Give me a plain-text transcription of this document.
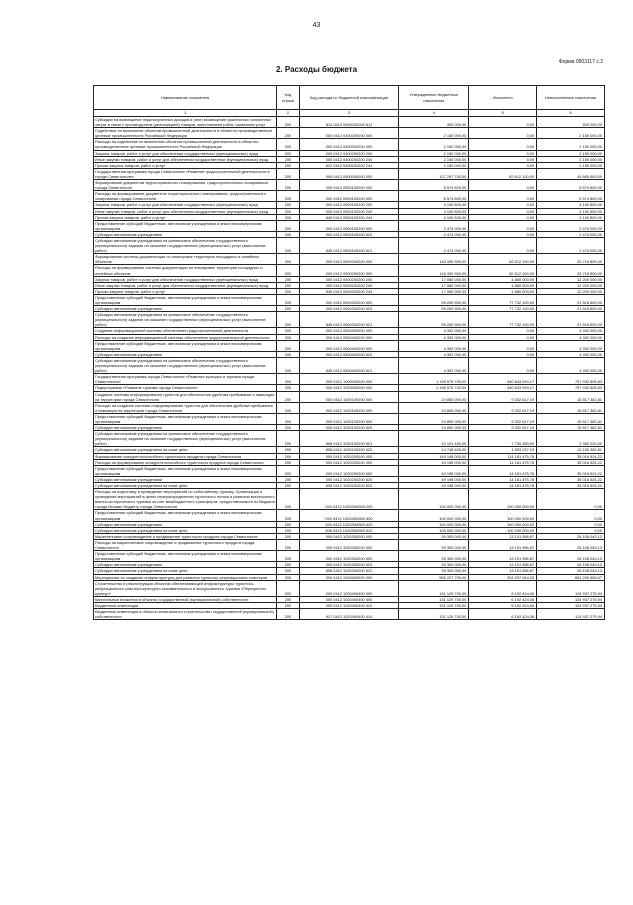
43
Форма 0503117 с.2
2. Расходы бюджета
Наименование показателя	Код строки	Код расхода по бюджетной классификации	Утвержденные бюджетные назначения	Исполнено	Неисполненные назначения
1	2	3	4	5	6
Субсидии на возмещение недополученных доходов и (или) возмещение фактически понесенных затрат в связи с производством (реализацией) товаров, выполнением работ, оказанием услуг	200	812 0412 0400100200 811	400 000,00	0,00	400 000,00
Содействие по включению объектов промышленной деятельности в областно-производственные целевые промышленности Российской Федерации	200	000 0412 0400200000 000	2 150 000,00	0,00	2 150 000,00
Расходы на содействие по включению объектов промышленной деятельности в областно-производственные целевые промышленности Российской Федерации	200	000 0412 0400200200 000	2 150 000,00	0,00	2 150 000,00
Закупка товаров, работ и услуг для обеспечения государственных (муниципальных) нужд	200	000 0412 0400200200 200	2 150 000,00	0,00	2 150 000,00
Иные закупки товаров, работ и услуг для обеспечения государственных (муниципальных) нужд	200	000 0412 0400200200 240	2 150 000,00	0,00	2 150 000,00
Прочая закупка товаров, работ и услуг	200	812 0412 0400200200 244	2 150 000,00	0,00	2 150 000,00
Государственная программа города Севастополя «Развитие градостроительной деятельности в городе Севастополе»	200	000 0412 0500000000 000	127 297 700,00	82 612 100,00	44 685 600,00
Формирование документов территориального планирования, градостроительного зонирования города Севастополя	200	000 0412 0500100000 000	6 574 800,00	0,00	6 574 800,00
Расходы на формирование документов территориального планирования, градостроительного зонирования города Севастополя	200	000 0412 0500100200 000	6 574 800,00	0,00	6 574 800,00
Закупка товаров, работ и услуг для обеспечения государственных (муниципальных) нужд	200	000 0412 0500100200 200	4 100 800,00	0,00	4 100 800,00
Иные закупки товаров, работ и услуг для обеспечения государственных (муниципальных) нужд	200	000 0412 0500100200 240	4 100 800,00	0,00	4 100 800,00
Прочая закупка товаров, работ и услуг	200	845 0412 0500100200 244	4 100 800,00	0,00	4 100 800,00
Предоставление субсидий бюджетным, автономным учреждениям и иным некоммерческим организациям	200	000 0412 0500100200 600	2 474 000,00	0,00	2 474 000,00
Субсидии автономным учреждениям	200	000 0412 0500100200 620	2 474 000,00	0,00	2 474 000,00
Субсидии автономным учреждениям на финансовое обеспечение государственного (муниципального) задания на оказание государственных (муниципальных) услуг (выполнение работ)	200	845 0412 0500100200 621	2 474 000,00	0,00	2 474 000,00
Формирование системы документации по планировке территории площадных и линейных объектов	200	000 0412 0500200000 000	116 330 900,00	82 612 100,00	33 718 800,00
Расходы на формирование системы документации по планировке территории площадных и линейных объектов	200	000 0412 0500200200 000	116 330 900,00	82 612 100,00	33 718 800,00
Закупка товаров, работ и услуг для обеспечения государственных (муниципальных) нужд	200	000 0412 0500200200 200	17 080 000,00	4 880 000,00	12 200 000,00
Иные закупки товаров, работ и услуг для обеспечения государственных (муниципальных) нужд	200	000 0412 0500200200 240	17 080 000,00	4 880 000,00	12 200 000,00
Прочая закупка товаров, работ и услуг	200	845 0412 0500200200 244	17 080 000,00	4 880 000,00	12 200 000,00
Предоставление субсидий бюджетным, автономным учреждениям и иным некоммерческим организациям	200	000 0412 0500200200 600	99 250 900,00	77 732 100,00	21 518 800,00
Субсидии автономным учреждениям	200	000 0412 0500200200 620	99 250 900,00	77 732 100,00	21 518 800,00
Субсидии автономным учреждениям на финансовое обеспечение государственного (муниципального) задания на оказание государственных (муниципальных) услуг (выполнение работ)	200	845 0412 0500200200 621	99 250 900,00	77 732 100,00	21 518 800,00
Создание информационной системы обеспечения градостроительной деятельности	200	000 0412 0500400000 000	4 392 000,00	0,00	4 392 000,00
Расходы на создание информационной системы обеспечения градостроительной деятельности	200	000 0412 0500400200 000	4 392 000,00	0,00	4 392 000,00
Предоставление субсидий бюджетным, автономным учреждениям и иным некоммерческим организациям	200	000 0412 0500400200 600	4 392 000,00	0,00	4 392 000,00
Субсидии автономным учреждениям	200	000 0412 0500400200 620	4 392 000,00	0,00	4 392 000,00
Субсидии автономным учреждениям на финансовое обеспечение государственного (муниципального) задания на оказание государственных (муниципальных) услуг (выполнение работ)	200	845 0412 0500400200 621	4 392 000,00	0,00	4 392 000,00
Государственная программа города Севастополя «Развитие культуры и туризма города Севастополя»	200	000 0412 1000000000 000	1 198 575 700,00	440 643 094,17	757 932 605,83
Подпрограмма «Развитие туризма города Севастополя»	200	000 0412 1020000000 000	1 198 575 700,00	440 643 094,17	757 932 605,83
Создание системы информирования туристов для обеспечения удобства пребывания и навигации на территории города Севастополя	200	000 0412 1020100000 000	24 850 000,00	9 332 617,19	15 517 382,81
Расходы на создание системы информирования туристов для обеспечения удобства пребывания и навигации на территории города Севастополя	200	000 0412 1020100200 000	24 850 000,00	9 332 617,19	15 517 382,81
Предоставление субсидий бюджетным, автономным учреждениям и иным некоммерческим организациям	200	000 0412 1020100200 600	24 850 000,00	9 332 617,19	15 517 382,81
Субсидии автономным учреждениям	200	000 0412 1020100200 620	24 850 000,00	9 332 617,19	15 517 382,81
Субсидии автономным учреждениям на финансовое обеспечение государственного (муниципального) задания на оказание государственных (муниципальных) услуг (выполнение работ)	200	808 0412 1020100200 621	10 101 400,00	7 739 380,00	2 362 020,00
Субсидии автономным учреждениям на иные цели	200	808 0412 1020100200 622	14 748 600,00	1 593 237,19	13 155 362,81
Формирование конкурентоспособного туристского продукта города Севастополя	200	000 0412 1020200000 000	149 198 000,00	114 181 475,78	35 016 524,22
Расходы на формирование конкурентоспособного туристского продукта города Севастополя	200	000 0412 1020200200 000	49 198 000,00	14 181 475,78	35 016 524,22
Предоставление субсидий бюджетным, автономным учреждениям и иным некоммерческим организациям	200	000 0412 1020200200 600	49 198 000,00	14 181 475,78	35 016 524,22
Субсидии автономным учреждениям	200	000 0412 1020200200 620	49 198 000,00	14 181 475,78	35 016 524,22
Субсидии автономным учреждениям на иные цели	200	808 0412 1020200200 622	49 198 000,00	14 181 475,78	35 016 524,22
Расходы на подготовку и проведение мероприятий по событийному туризму. Организация и проведение мероприятий в целях перераспределения туристского потока и развития всесезонного военно-исторического туризма за счет межбюджетного трансферта, предоставляемого из бюджета города Москвы бюджету города Севастополя	200	000 0412 10202И8300 000	100 000 000,00	100 000 000,00	0,00
Предоставление субсидий бюджетным, автономным учреждениям и иным некоммерческим организациям	200	000 0412 10202И8300 600	100 000 000,00	100 000 000,00	0,00
Субсидии автономным учреждениям	200	000 0412 10202И8300 620	100 000 000,00	100 000 000,00	0,00
Субсидии автономным учреждениям на иные цели	200	808 0412 10202И8300 622	100 000 000,00	100 000 000,00	0,00
Маркетинговое сопровождение и продвижение туристского продукта города Севастополя	200	000 0412 1020300000 000	39 300 000,00	13 191 956,87	26 108 043,13
Расходы на маркетинговое сопровождение и продвижение туристского продукта города Севастополя	200	000 0412 1020300200 000	39 300 000,00	13 191 956,87	26 108 043,13
Предоставление субсидий бюджетным, автономным учреждениям и иным некоммерческим организациям	200	000 0412 1020300200 600	39 300 000,00	13 191 956,87	26 108 043,13
Субсидии автономным учреждениям	200	000 0412 1020300200 620	39 300 000,00	13 191 956,87	26 108 043,13
Субсидии автономным учреждениям на иные цели	200	808 0412 1020300200 622	39 300 000,00	13 191 956,87	26 108 043,13
Мероприятия по созданию инфраструктуры для развития туристско-рекреационных кластеров	200	000 0412 1020400000 000	985 227 700,00	303 937 044,33	681 290 655,67
Строительство и реконструкция объектов обеспечивающей инфраструктуры туристско-рекреационного кластера культурно-познавательного и экскурсионного туризма «Перекресток культур»	200	000 0412 1020400400 000	131 129 700,00	6 192 424,06	124 937 275,94
Капитальные вложения в объекты государственной (муниципальной) собственности	200	000 0412 1020400400 400	131 129 700,00	6 192 424,06	124 937 275,94
Бюджетные инвестиции	200	000 0412 1020400400 410	131 129 700,00	6 192 424,06	124 937 275,94
Бюджетные инвестиции в объекты капитального строительства государственной (муниципальной) собственности	200	917 0412 1020400400 414	131 129 700,00	6 192 424,06	124 937 275,94
